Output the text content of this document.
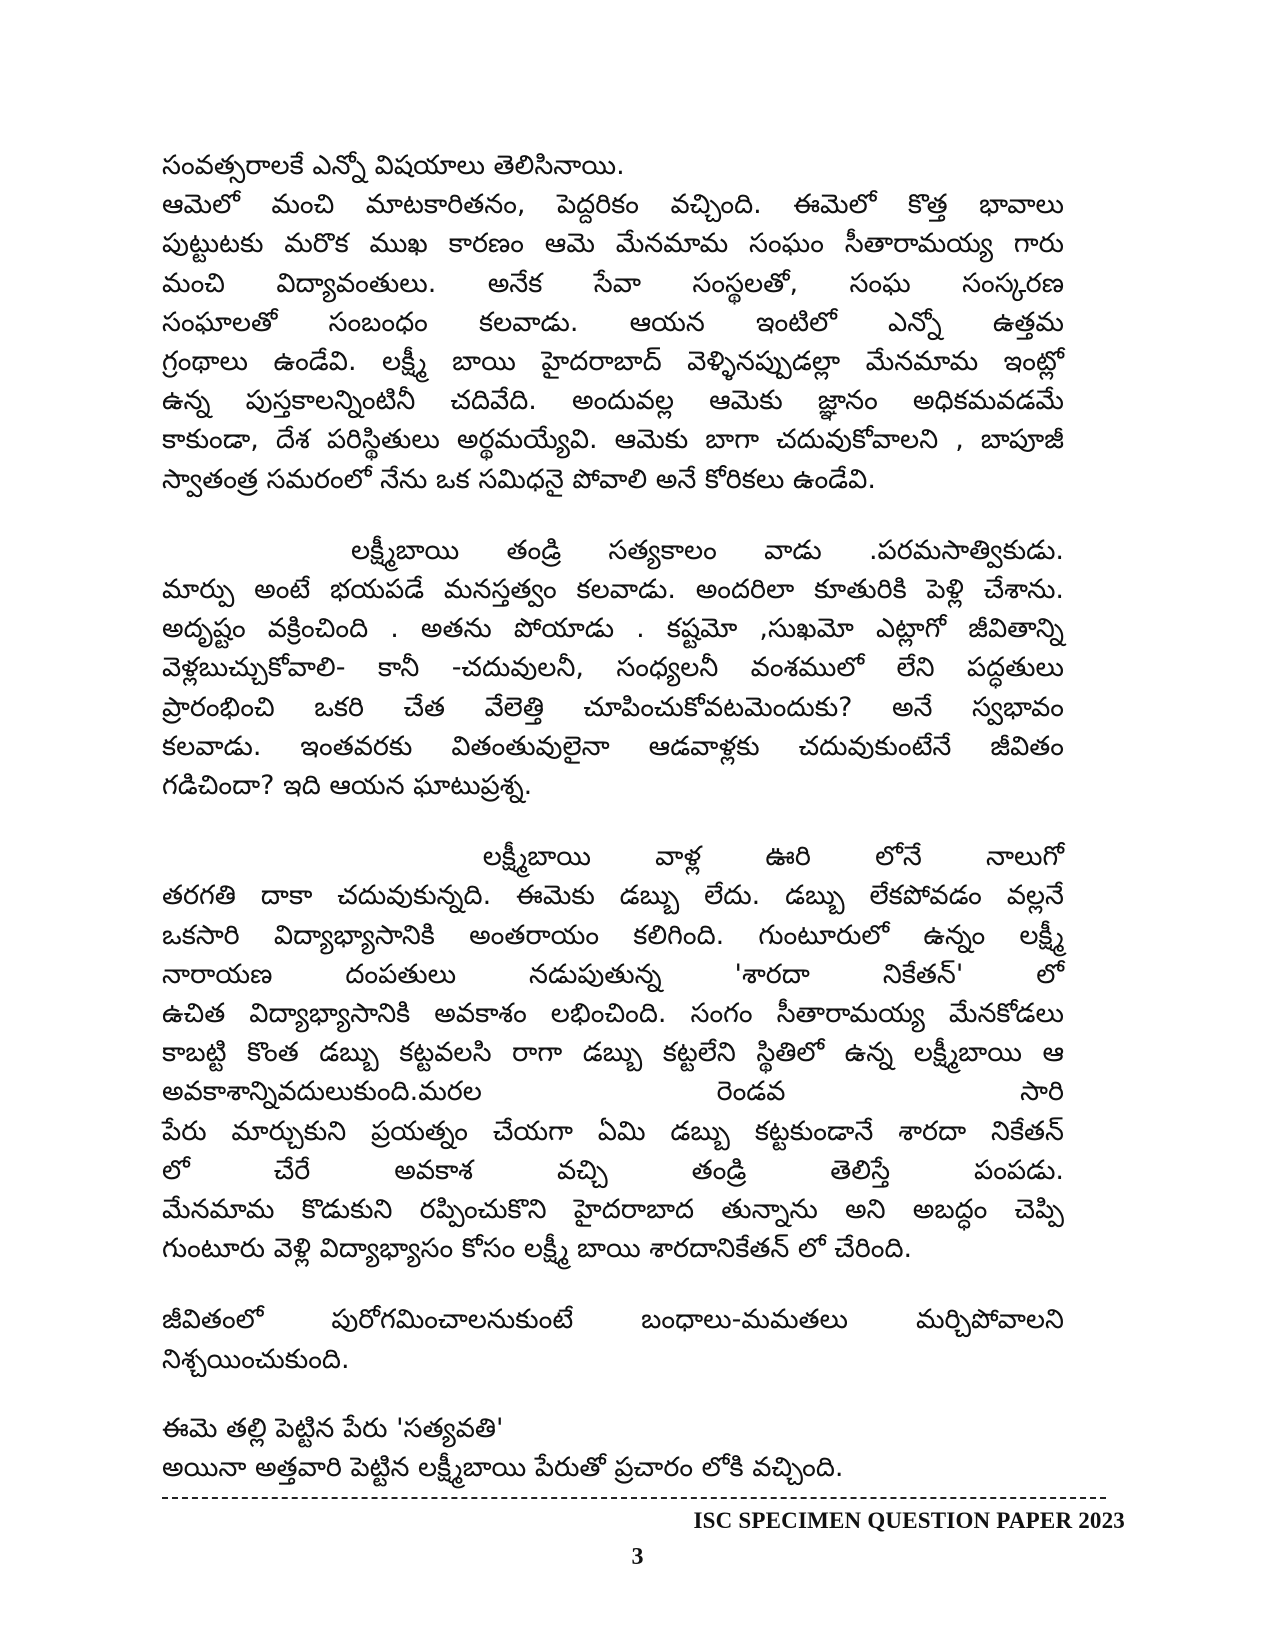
సంవత్సరాలకే ఎన్నో విషయాలు తెలిసినాయి.
ఆమెలో మంచి మాటకారితనం, పెద్దరికం వచ్చింది. ఈమెలో కొత్త భావాలు
పుట్టుటకు మరొక ముఖ కారణం ఆమె మేనమామ సంఘం సీతారామయ్య గారు
మంచి విద్యావంతులు. అనేక సేవా సంస్థలతో, సంఘ సంస్కరణ
సంఘాలతో సంబంధం కలవాడు. ఆయన ఇంటిలో ఎన్నో ఉత్తమ
గ్రంథాలు ఉండేవి. లక్ష్మీ బాయి హైదరాబాద్ వెళ్ళినప్పుడల్లా మేనమామ ఇంట్లో
ఉన్న పుస్తకాలన్నింటినీ చదివేది. అందువల్ల ఆమెకు జ్ఞానం అధికమవడమే
కాకుండా, దేశ పరిస్థితులు అర్థమయ్యేవి. ఆమెకు బాగా చదువుకోవాలని , బాపూజీ
స్వాతంత్ర సమరంలో నేను ఒక సమిధనై పోవాలి అనే కోరికలు ఉండేవి.
లక్ష్మీబాయి  తండ్రి  సత్యకాలం  వాడు  .పరమసాత్వికుడు.
మార్పు అంటే భయపడే మనస్తత్వం కలవాడు. అందరిలా కూతురికి పెళ్లి చేశాను.
అదృష్టం వక్రించింది . అతను పోయాడు . కష్టమో ,సుఖమో ఎట్లాగో జీవితాన్ని
వెళ్లబుచ్చుకోవాలి- కానీ -చదువులనీ, సంధ్యలనీ వంశములో లేని పద్ధతులు
ప్రారంభించి ఒకరి చేత వేలెత్తి చూపించుకోవటమెందుకు? అనే స్వభావం
కలవాడు. ఇంతవరకు వితంతువులైనా ఆడవాళ్లకు చదువుకుంటేనే జీవితం
గడిచిందా? ఇది ఆయన ఘాటుప్రశ్న.
లక్ష్మీబాయి  వాళ్ల  ఊరి  లోనే  నాలుగో
తరగతి దాకా చదువుకున్నది. ఈమెకు డబ్బు లేదు. డబ్బు లేకపోవడం వల్లనే
ఒకసారి విద్యాభ్యాసానికి అంతరాయం కలిగింది. గుంటూరులో ఉన్నం లక్ష్మీ
నారాయణ దంపతులు నడుపుతున్న 'శారదా నికేతన్' లో
ఉచిత విద్యాభ్యాసానికి అవకాశం లభించింది. సంగం సీతారామయ్య మేనకోడలు
కాబట్టి కొంత డబ్బు కట్టవలసి రాగా డబ్బు కట్టలేని స్థితిలో ఉన్న లక్ష్మీబాయి ఆ
అవకాశాన్నివదులుకుంది.మరల రెండవ సారి
పేరు మార్చుకుని ప్రయత్నం చేయగా ఏమి డబ్బు కట్టకుండానే శారదా నికేతన్
లో చేరే అవకాశ వచ్చి తండ్రి తెలిస్తే పంపడు.
మేనమామ కొడుకుని రప్పించుకొని హైదరాబాద తున్నాను అని అబద్ధం చెప్పి
గుంటూరు వెళ్లి విద్యాభ్యాసం కోసం లక్ష్మీ బాయి శారదానికేతన్ లో చేరింది.
జీవితంలో పురోగమించాలనుకుంటే బంధాలు-మమతలు మర్చిపోవాలని
నిశ్చయించుకుంది.
ఈమె తల్లి పెట్టిన పేరు 'సత్యవతి'
అయినా అత్తవారి పెట్టిన లక్ష్మీబాయి పేరుతో ప్రచారం లోకి వచ్చింది.
ISC SPECIMEN QUESTION PAPER 2023
3
